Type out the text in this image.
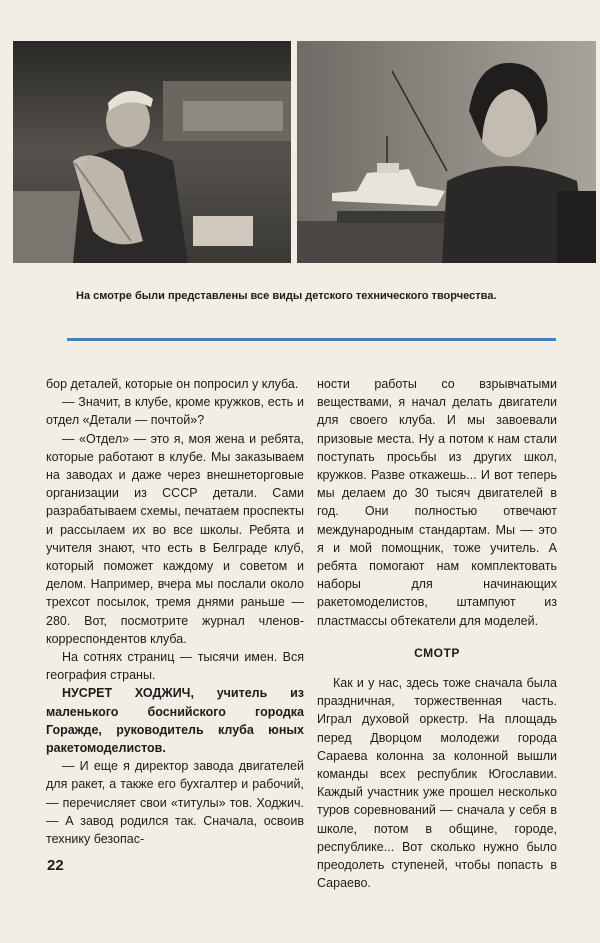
На смотре были представлены все виды детского технического творчества.

бор деталей, которые он попросил у клуба.

— Значит, в клубе, кроме кружков, есть и отдел «Детали — почтой»?

— «Отдел» — это я, моя жена и ребята, которые работают в клубе. Мы заказываем на заводах и даже через внешнеторговые организации из СССР детали. Сами разрабатываем схемы, печатаем проспекты и рассылаем их во все школы. Ребята и учителя знают, что есть в Белграде клуб, который поможет каждому и советом и делом. Например, вчера мы послали около трехсот посылок, тремя днями раньше — 280. Вот, посмотрите журнал членов-корреспондентов клуба.

На сотнях страниц — тысячи имен. Вся география страны.

НУСРЕТ ХОДЖИЧ, учитель из маленького боснийского городка Горажде, руководитель клуба юных ракетомоделистов.

— И еще я директор завода двигателей для ракет, а также его бухгалтер и рабочий, — перечисляет свои «титулы» тов. Ходжич. — А завод родился так. Сначала, освоив технику безопас-

ности работы со взрывчатыми веществами, я начал делать двигатели для своего клуба. И мы завоевали призовые места. Ну а потом к нам стали поступать просьбы из других школ, кружков. Разве откажешь... И вот теперь мы делаем до 30 тысяч двигателей в год. Они полностью отвечают международным стандартам. Мы — это я и мой помощник, тоже учитель. А ребята помогают нам комплектовать наборы для начинающих ракетомоделистов, штампуют из пластмассы обтекатели для моделей.

СМОТР

Как и у нас, здесь тоже сначала была праздничная, торжественная часть. Играл духовой оркестр. На площадь перед Дворцом молодежи города Сараева колонна за колонной вышли команды всех республик Югославии. Каждый участник уже прошел несколько туров соревнований — сначала у себя в школе, потом в общине, городе, республике... Вот сколько нужно было преодолеть ступеней, чтобы попасть в Сараево.

22
